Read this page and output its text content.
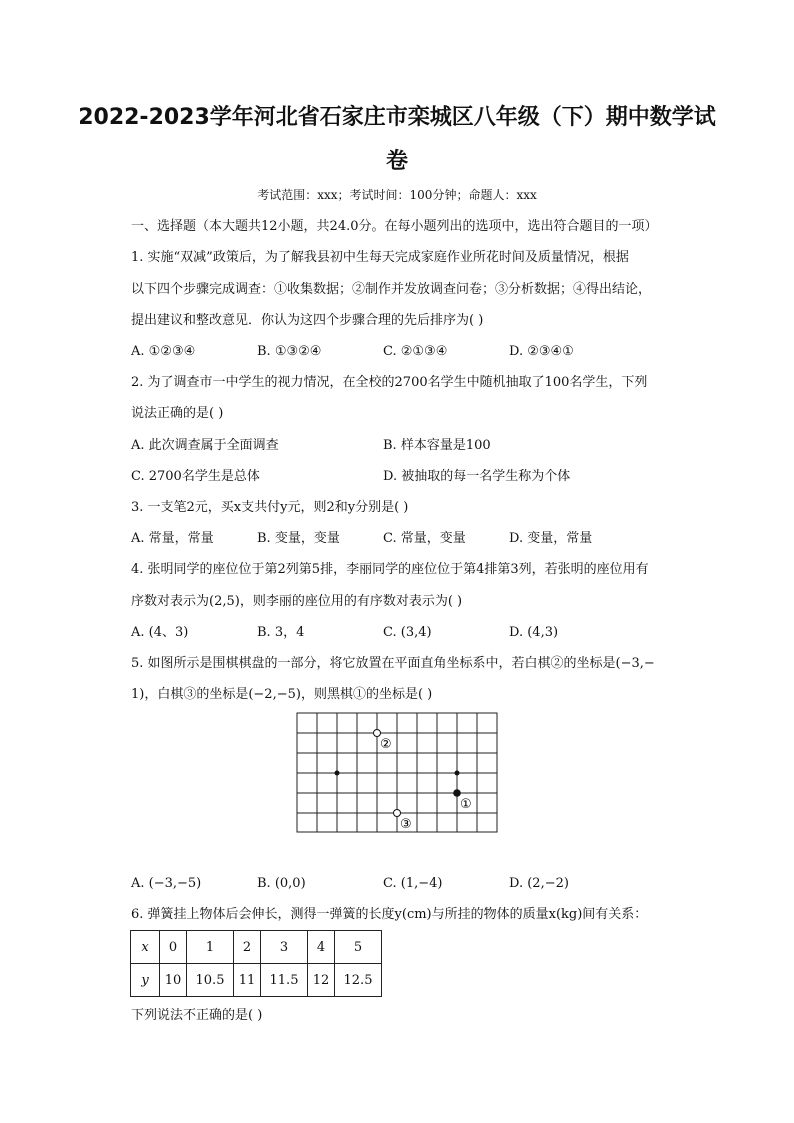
2022-2023学年河北省石家庄市栾城区八年级（下）期中数学试
卷
考试范围：xxx；考试时间：100分钟；命题人：xxx
一、选择题（本大题共12小题，共24.0分。在每小题列出的选项中，选出符合题目的一项）
1. 实施“双减”政策后，为了解我县初中生每天完成家庭作业所花时间及质量情况，根据
以下四个步骤完成调查：①收集数据；②制作并发放调查问卷；③分析数据；④得出结论，
提出建议和整改意见．你认为这四个步骤合理的先后排序为( )
A. ①②③④	B. ①③②④	C. ②①③④	D. ②③④①
2. 为了调查市一中学生的视力情况，在全校的2700名学生中随机抽取了100名学生，下列
说法正确的是( )
A. 此次调查属于全面调查	B. 样本容量是100
C. 2700名学生是总体	D. 被抽取的每一名学生称为个体
3. 一支笔2元，买x支共付y元，则2和y分别是( )
A. 常量，常量	B. 变量，变量	C. 常量，变量	D. 变量，常量
4. 张明同学的座位位于第2列第5排，李丽同学的座位位于第4排第3列，若张明的座位用有
序数对表示为(2,5)，则李丽的座位用的有序数对表示为( )
A. (4、3)	B. 3，4	C. (3,4)	D. (4,3)
5. 如图所示是围棋棋盘的一部分，将它放置在平面直角坐标系中，若白棋②的坐标是(−3,−
1)，白棋③的坐标是(−2,−5)，则黑棋①的坐标是( )
②
①
③
A. (−3,−5)	B. (0,0)	C. (1,−4)	D. (2,−2)
6. 弹簧挂上物体后会伸长，测得一弹簧的长度y(cm)与所挂的物体的质量x(kg)间有关系：
x	0	1	2	3	4	5
y	10	10.5	11	11.5	12	12.5
下列说法不正确的是( )
